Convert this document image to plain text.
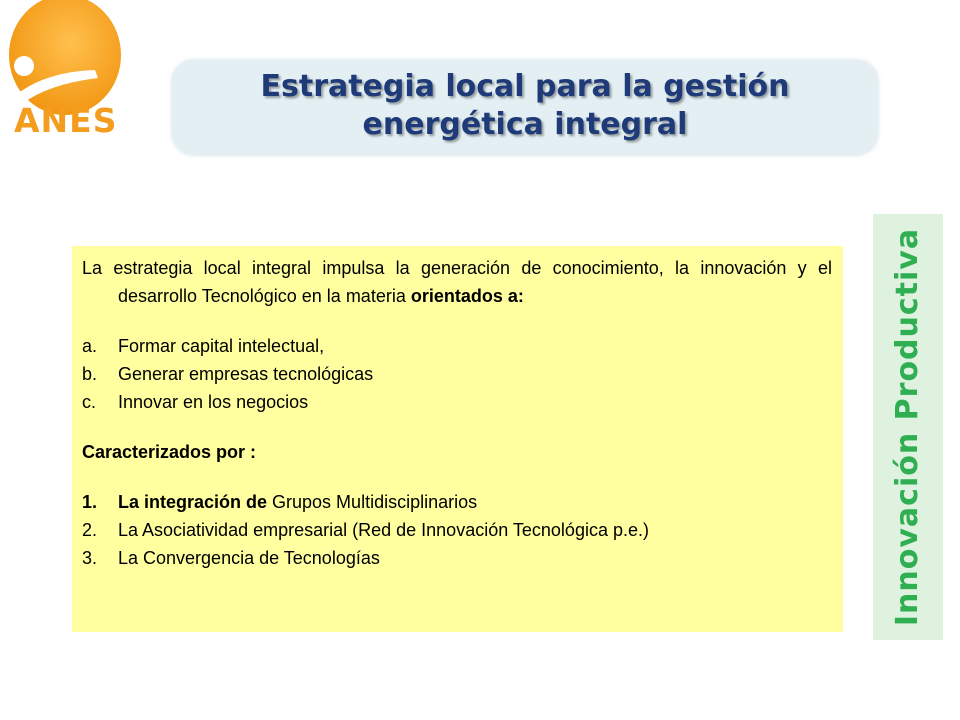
ANES
Estrategia local para la gestión
energética integral

La estrategia local integral impulsa la generación de conocimiento, la innovación y el desarrollo Tecnológico en la materia orientados a:

a. Formar capital intelectual,
b. Generar empresas tecnológicas
c. Innovar en los negocios
Caracterizados por :
1. La integración de Grupos Multidisciplinarios
2. La Asociatividad empresarial (Red de Innovación Tecnológica p.e.)
3. La Convergencia de Tecnologías	Innovación Productiva
